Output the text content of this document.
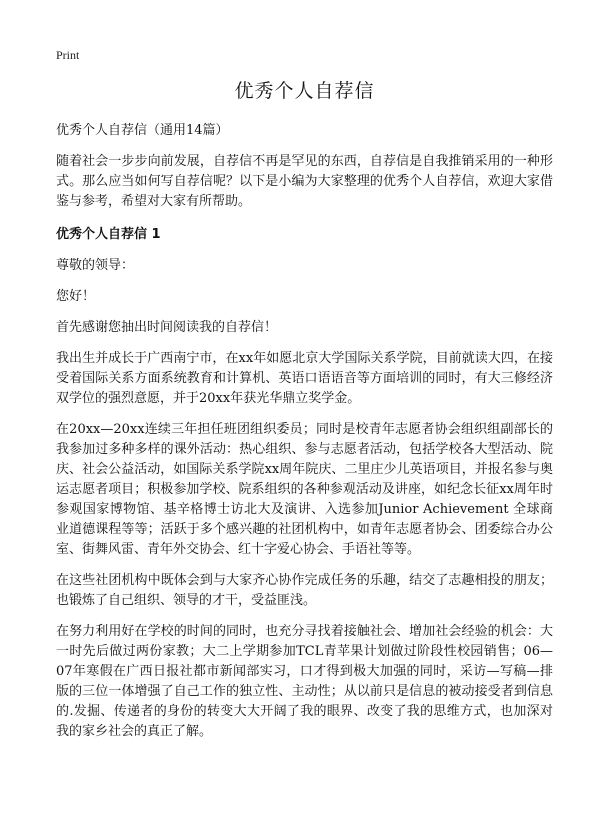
Print
优秀个人自荐信

优秀个人自荐信（通用14篇）

随着社会一步步向前发展，自荐信不再是罕见的东西，自荐信是自我推销采用的一种形式。那么应当如何写自荐信呢？以下是小编为大家整理的优秀个人自荐信，欢迎大家借鉴与参考，希望对大家有所帮助。

优秀个人自荐信 1

尊敬的领导：

您好！

首先感谢您抽出时间阅读我的自荐信！

我出生并成长于广西南宁市，在xx年如愿北京大学国际关系学院，目前就读大四，在接受着国际关系方面系统教育和计算机、英语口语语音等方面培训的同时，有大三修经济双学位的强烈意愿，并于20xx年获光华鼎立奖学金。

在20xx—20xx连续三年担任班团组织委员；同时是校青年志愿者协会组织组副部长的我参加过多种多样的课外活动：热心组织、参与志愿者活动，包括学校各大型活动、院庆、社会公益活动，如国际关系学院xx周年院庆、二里庄少儿英语项目，并报名参与奥运志愿者项目；积极参加学校、院系组织的各种参观活动及讲座，如纪念长征xx周年时参观国家博物馆、基辛格博士访北大及演讲、入选参加Junior Achievement 全球商业道德课程等等；活跃于多个感兴趣的社团机构中，如青年志愿者协会、团委综合办公室、街舞风雷、青年外交协会、红十字爱心协会、手语社等等。

在这些社团机构中既体会到与大家齐心协作完成任务的乐趣，结交了志趣相投的朋友；也锻炼了自己组织、领导的才干，受益匪浅。

在努力利用好在学校的时间的同时，也充分寻找着接触社会、增加社会经验的机会：大一时先后做过两份家教；大二上学期参加TCL青苹果计划做过阶段性校园销售；06—07年寒假在广西日报社都市新闻部实习，口才得到极大加强的同时，采访—写稿—排版的三位一体增强了自己工作的独立性、主动性；从以前只是信息的被动接受者到信息的.发掘、传递者的身份的转变大大开阔了我的眼界、改变了我的思维方式，也加深对我的家乡社会的真正了解。
